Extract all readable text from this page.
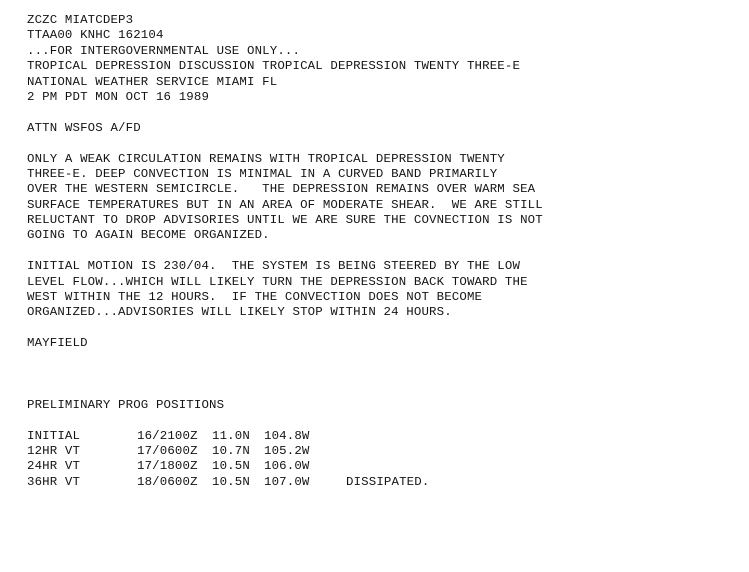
ZCZC MIATCDEP3
TTAA00 KNHC 162104
...FOR INTERGOVERNMENTAL USE ONLY...
TROPICAL DEPRESSION DISCUSSION TROPICAL DEPRESSION TWENTY THREE-E
NATIONAL WEATHER SERVICE MIAMI FL
2 PM PDT MON OCT 16 1989
ATTN WSFOS A/FD
ONLY A WEAK CIRCULATION REMAINS WITH TROPICAL DEPRESSION TWENTY
THREE-E. DEEP CONVECTION IS MINIMAL IN A CURVED BAND PRIMARILY
OVER THE WESTERN SEMICIRCLE.   THE DEPRESSION REMAINS OVER WARM SEA
SURFACE TEMPERATURES BUT IN AN AREA OF MODERATE SHEAR.  WE ARE STILL
RELUCTANT TO DROP ADVISORIES UNTIL WE ARE SURE THE COVNECTION IS NOT
GOING TO AGAIN BECOME ORGANIZED.
INITIAL MOTION IS 230/04.  THE SYSTEM IS BEING STEERED BY THE LOW
LEVEL FLOW...WHICH WILL LIKELY TURN THE DEPRESSION BACK TOWARD THE
WEST WITHIN THE 12 HOURS.  IF THE CONVECTION DOES NOT BECOME
ORGANIZED...ADVISORIES WILL LIKELY STOP WITHIN 24 HOURS.
MAYFIELD
PRELIMINARY PROG POSITIONS
INITIAL	16/2100Z	11.0N	104.8W
12HR VT	17/0600Z	10.7N	105.2W
24HR VT	17/1800Z	10.5N	106.0W
36HR VT	18/0600Z	10.5N	107.0W	DISSIPATED.
